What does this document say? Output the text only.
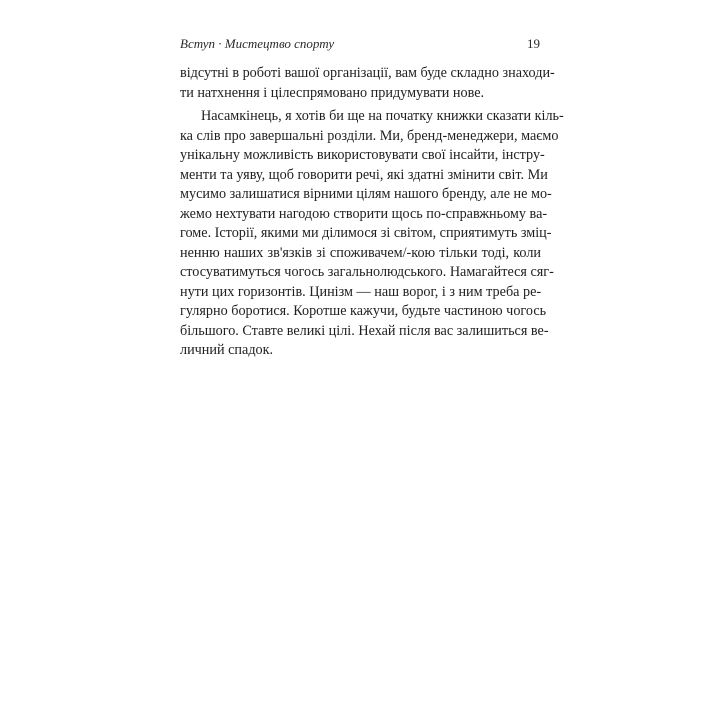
Вступ · Мистецтво спорту	19
відсутні в роботі вашої організації, вам буде складно знаходи-
ти натхнення і цілеспрямовано придумувати нове.
Насамкінець, я хотів би ще на початку книжки сказати кіль-
ка слів про завершальні розділи. Ми, бренд-менеджери, маємо
унікальну можливість використовувати свої інсайти, інстру-
менти та уяву, щоб говорити речі, які здатні змінити світ. Ми
мусимо залишатися вірними цілям нашого бренду, але не мо-
жемо нехтувати нагодою створити щось по-справжньому ва-
гоме. Історії, якими ми ділимося зі світом, сприятимуть зміц-
ненню наших зв'язків зі споживачем/-кою тільки тоді, коли
стосуватимуться чогось загальнолюдського. Намагайтеся сяг-
нути цих горизонтів. Цинізм — наш ворог, і з ним треба ре-
гулярно боротися. Коротше кажучи, будьте частиною чогось
більшого. Ставте великі цілі. Нехай після вас залишиться ве-
личний спадок.
